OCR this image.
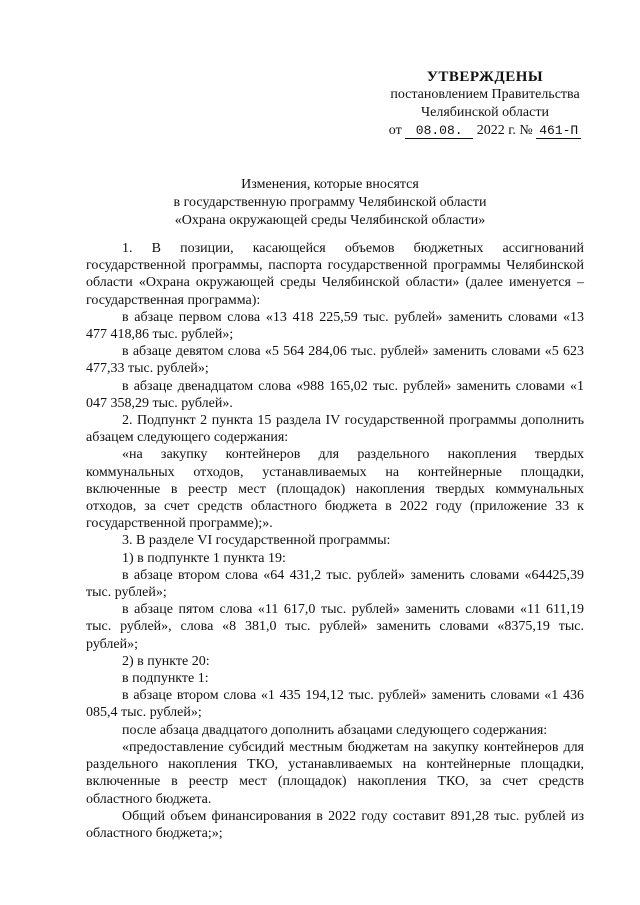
УТВЕРЖДЕНЫ
постановлением Правительства
Челябинской области
от 08.08. 2022 г. № 461-П
Изменения, которые вносятся
в государственную программу Челябинской области
«Охрана окружающей среды Челябинской области»

1. В позиции, касающейся объемов бюджетных ассигнований государственной программы, паспорта государственной программы Челябинской области «Охрана окружающей среды Челябинской области» (далее именуется – государственная программа):

в абзаце первом слова «13 418 225,59 тыс. рублей» заменить словами «13 477 418,86 тыс. рублей»;

в абзаце девятом слова «5 564 284,06 тыс. рублей» заменить словами «5 623 477,33 тыс. рублей»;

в абзаце двенадцатом слова «988 165,02 тыс. рублей» заменить словами «1 047 358,29 тыс. рублей».

2. Подпункт 2 пункта 15 раздела IV государственной программы дополнить абзацем следующего содержания:

«на закупку контейнеров для раздельного накопления твердых коммунальных отходов, устанавливаемых на контейнерные площадки, включенные в реестр мест (площадок) накопления твердых коммунальных отходов, за счет средств областного бюджета в 2022 году (приложение 33 к государственной программе);».

3. В разделе VI государственной программы:

1) в подпункте 1 пункта 19:

в абзаце втором слова «64 431,2 тыс. рублей» заменить словами «64425,39 тыс. рублей»;

в абзаце пятом слова «11 617,0 тыс. рублей» заменить словами «11 611,19 тыс. рублей», слова «8 381,0 тыс. рублей» заменить словами «8375,19 тыс. рублей»;

2) в пункте 20:

в подпункте 1:

в абзаце втором слова «1 435 194,12 тыс. рублей» заменить словами «1 436 085,4 тыс. рублей»;

после абзаца двадцатого дополнить абзацами следующего содержания:

«предоставление субсидий местным бюджетам на закупку контейнеров для раздельного накопления ТКО, устанавливаемых на контейнерные площадки, включенные в реестр мест (площадок) накопления ТКО, за счет средств областного бюджета.

Общий объем финансирования в 2022 году составит 891,28 тыс. рублей из областного бюджета;»;
